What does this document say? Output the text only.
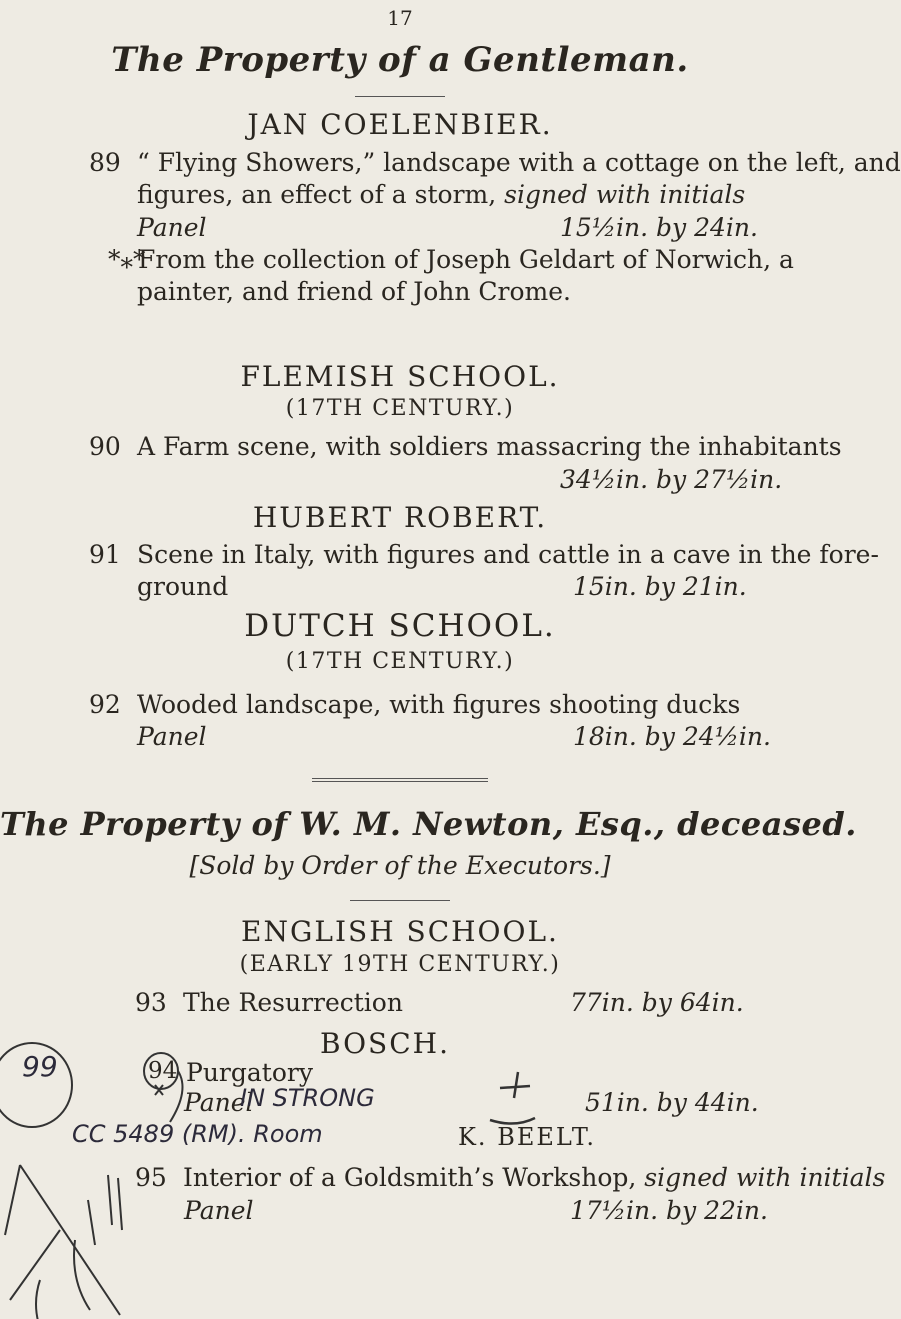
17
The Property of a Gentleman.
JAN COELENBIER.
89 “ Flying Showers,” landscape with a cottage on the left, and
figures, an effect of a storm, signed with initials
Panel	15½in. by 24in.
*⁎*From the collection of Joseph Geldart of Norwich, a
painter, and friend of John Crome.
FLEMISH SCHOOL.
(17TH CENTURY.)
90 A Farm scene, with soldiers massacring the inhabitants
34½in. by 27½in.
HUBERT ROBERT.
91 Scene in Italy, with figures and cattle in a cave in the fore-
ground	15in. by 21in.
DUTCH SCHOOL.
(17TH CENTURY.)
92 Wooded landscape, with figures shooting ducks
Panel	18in. by 24½in.
The Property of W. M. Newton, Esq., deceased.
[Sold by Order of the Executors.]
ENGLISH SCHOOL.
(EARLY 19TH CENTURY.)
93 The Resurrection	77in. by 64in.
BOSCH.
94 Purgatory
Panel	51in. by 44in.
K. BEELT.
95 Interior of a Goldsmith’s Workshop, signed with initials
Panel	17½in. by 22in.
99
IN STRONG
CC 5489 (RM). Room
